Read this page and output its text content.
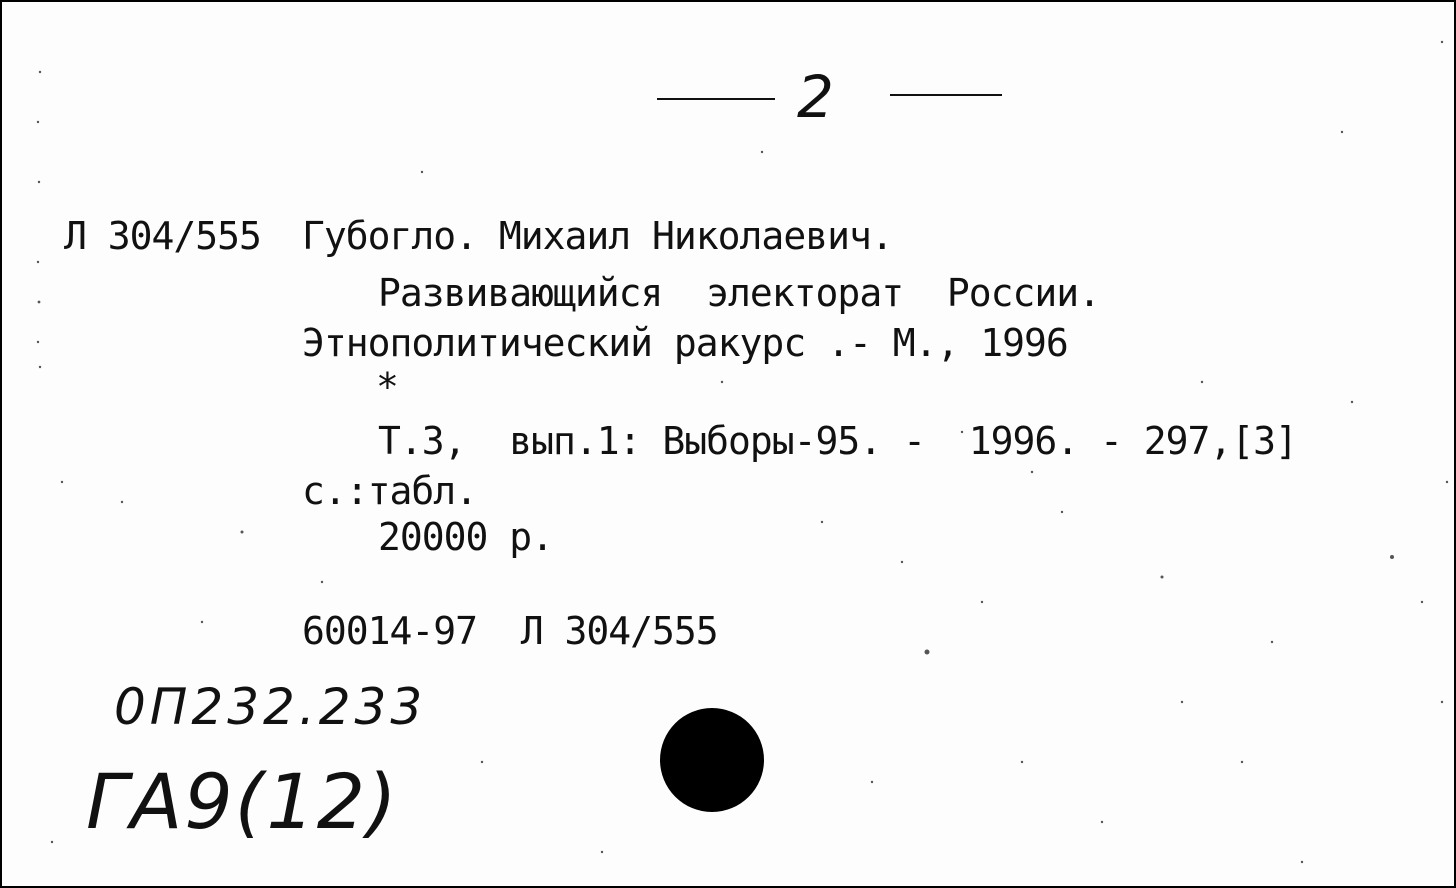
2
Л 304/555 Губогло. Михаил Николаевич.
Развивающийся  электорат  России.
Этнополитический ракурс .- М., 1996
*
Т.3,  вып.1: Выборы-95. -  1996. - 297,[3]
с.:табл.
20000 р.
60014-97  Л 304/555
0П232.233
ГА9(12)
